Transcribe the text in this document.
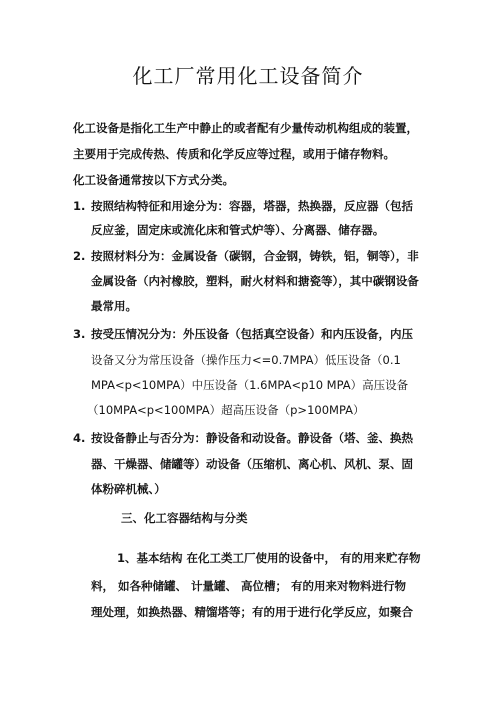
化工厂常用化工设备简介
化工设备是指化工生产中静止的或者配有少量传动机构组成的装置，
主要用于完成传热、传质和化学反应等过程，或用于储存物料。
化工设备通常按以下方式分类。
1. 按照结构特征和用途分为：容器，塔器，热换器，反应器（包括
反应釜，固定床或流化床和管式炉等）、分离器、储存器。
2. 按照材料分为：金属设备（碳钢，合金钢，铸铁，铝，铜等），非
金属设备（内衬橡胶，塑料，耐火材料和搪瓷等），其中碳钢设备
最常用。
3. 按受压情况分为：外压设备（包括真空设备）和内压设备，内压
设备又分为常压设备（操作压力<=0.7MPA）低压设备（0.1
MPA<p<10MPA）中压设备（1.6MPA<p10 MPA）高压设备
（10MPA<p<100MPA）超高压设备（p>100MPA）
4. 按设备静止与否分为：静设备和动设备。静设备（塔、釜、换热
器、干燥器、储罐等）动设备（压缩机、离心机、风机、泵、固
体粉碎机械、）
三、化工容器结构与分类
1、基本结构 在化工类工厂使用的设备中， 有的用来贮存物
料， 如各种储罐、 计量罐、 高位槽； 有的用来对物料进行物
理处理，如换热器、精馏塔等；有的用于进行化学反应，如聚合
